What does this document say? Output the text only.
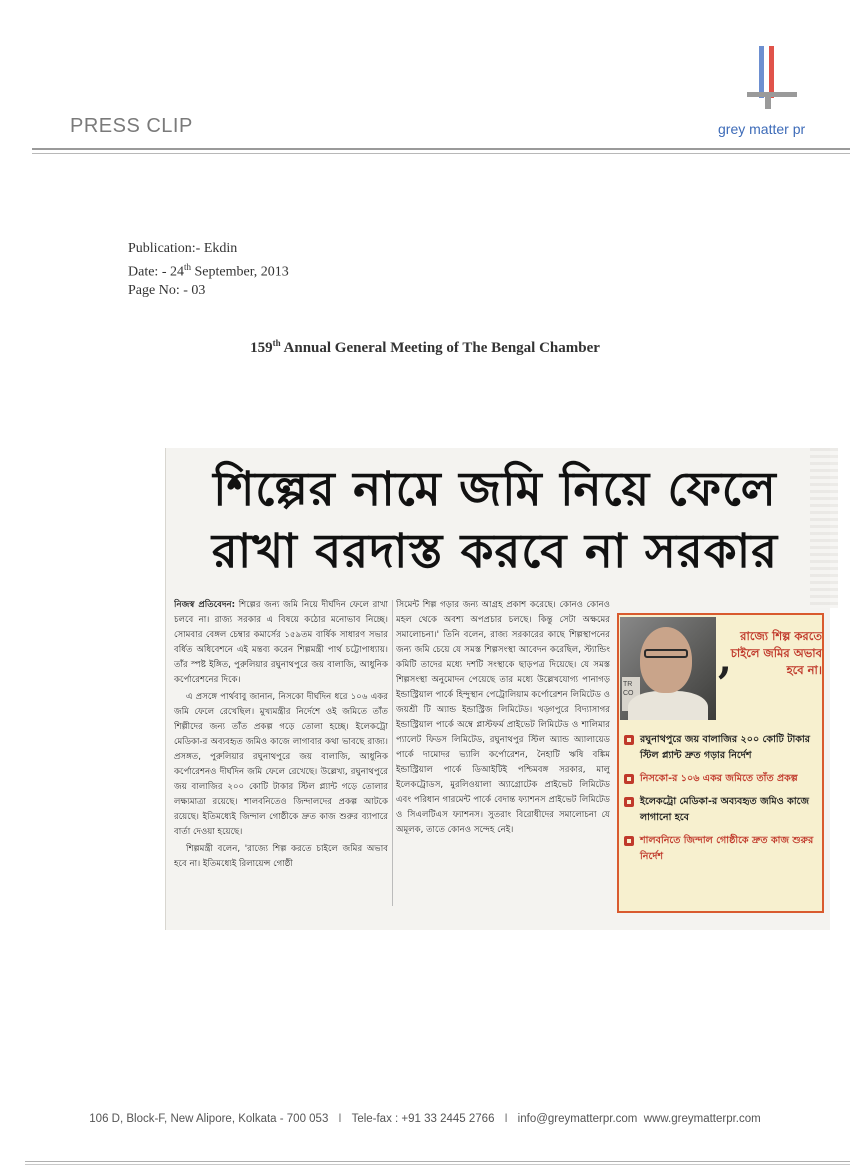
PRESS CLIP	grey matter pr
Publication:- Ekdin
Date: - 24th September, 2013
Page No: - 03
159th Annual General Meeting of The Bengal Chamber
শিল্পের নামে জমি নিয়ে ফেলে
রাখা বরদাস্ত করবে না সরকার

নিজস্ব প্রতিবেদন: শিল্পের জন্য জমি নিয়ে দীর্ঘদিন ফেলে রাখা চলবে না। রাজ্য সরকার এ বিষয়ে কঠোর মনোভাব নিচ্ছে। সোমবার বেঙ্গল চেম্বার কমার্সের ১৫৯তম বার্ষিক সাধারণ সভার বর্ধিত অধিবেশনে এই মন্তব্য করেন শিল্পমন্ত্রী পার্থ চট্টোপাধ্যায়। তাঁর স্পষ্ট ইঙ্গিত, পুরুলিয়ার রঘুনাথপুরে জয় বালাজি, আধুনিক কর্পোরেশনের দিকে।

এ প্রসঙ্গে পার্থবাবু জানান, নিসকো দীর্ঘদিন ধরে ১০৬ একর জমি ফেলে রেখেছিল। মুখ্যমন্ত্রীর নির্দেশে ওই জমিতে তাঁত শিল্পীদের জন্য তাঁত প্রকল্প গড়ে তোলা হচ্ছে। ইলেকট্রো মেডিকা-র অব্যবহৃত জমিও কাজে লাগাবার কথা ভাবছে রাজ্য। প্রসঙ্গত, পুরুলিয়ার রঘুনাথপুরে জয় বালাজি, আধুনিক কর্পোরেশনও দীর্ঘদিন জমি ফেলে রেখেছে। উল্লেখ্য, রঘুনাথপুরে জয় বালাজির ২০০ কোটি টাকার স্টিল প্ল্যান্ট গড়ে তোলার লক্ষ্যমাত্রা রয়েছে। শালবনিতেও জিন্দালদের প্রকল্প আটকে রয়েছে। ইতিমধ্যেই জিন্দাল গোষ্ঠীকে দ্রুত কাজ শুরুর ব্যাপারে বার্তা দেওয়া হয়েছে।

শিল্পমন্ত্রী বলেন, 'রাজ্যে শিল্প করতে চাইলে জমির অভাব হবে না। ইতিমধ্যেই রিলায়েন্স গোষ্ঠী

সিমেন্ট শিল্প গড়ার জন্য আগ্রহ প্রকাশ করেছে। কোনও কোনও মহল থেকে অবশ্য অপপ্রচার চলছে। কিন্তু সেটা অক্ষমের সমালোচনা।' তিনি বলেন, রাজ্য সরকারের কাছে শিল্পস্থাপনের জন্য জমি চেয়ে যে সমস্ত শিল্পসংস্থা আবেদন করেছিল, স্ট্যান্ডিং কমিটি তাদের মধ্যে দশটি সংস্থাকে ছাড়পত্র দিয়েছে। যে সমস্ত শিল্পসংস্থা অনুমোদন পেয়েছে তার মধ্যে উল্লেখযোগ্য পানাগড় ইন্ডাস্ট্রিয়াল পার্কে হিন্দুস্থান পেট্রোলিয়াম কর্পোরেশন লিমিটেড ও জয়শ্রী টি অ্যান্ড ইন্ডাস্ট্রিজ লিমিটেড। খড়্গপুরে বিদ্যাসাগর ইন্ডাস্ট্রিয়াল পার্কে অম্বে প্লাস্টফর্ম প্রাইভেট লিমিটেড ও শালিমার প্যালেট ফিডস লিমিটেড, রঘুনাথপুর স্টিল অ্যান্ড অ্যালায়েড পার্কে দামোদর ভ্যালি কর্পোরেশন, নৈহাটি ঋষি বঙ্কিম ইন্ডাস্ট্রিয়াল পার্কে ডিআইটিই পশ্চিমবঙ্গ সরকার, মালু ইলেকট্রোডস, মুরলিওয়ালা অ্যাগ্রোটেক প্রাইভেট লিমিটেড এবং পরিধান গারমেন্ট পার্কে বেদান্ত ফ্যাশনস প্রাইভেট লিমিটেড ও সিএলটিএস ফ্যাশনস। সুতরাং বিরোধীদের সমালোচনা যে অমূলক, তাতে কোনও সন্দেহ নেই।

TR CO
, রাজ্যে শিল্প করতে চাইলে জমির অভাব হবে না।
রঘুনাথপুরে জয় বালাজির ২০০ কোটি টাকার স্টিল প্ল্যান্ট দ্রুত গড়ার নির্দেশ
নিসকো-র ১০৬ একর জমিতে তাঁত প্রকল্প
ইলেকট্রো মেডিকা-র অব্যবহৃত জমিও কাজে লাগানো হবে
শালবনিতে জিন্দাল গোষ্ঠীকে দ্রুত কাজ শুরুর নির্দেশ
106 D, Block-F, New Alipore, Kolkata - 700 053 I Tele-fax : +91 33 2445 2766 I info@greymatterpr.com www.greymatterpr.com
